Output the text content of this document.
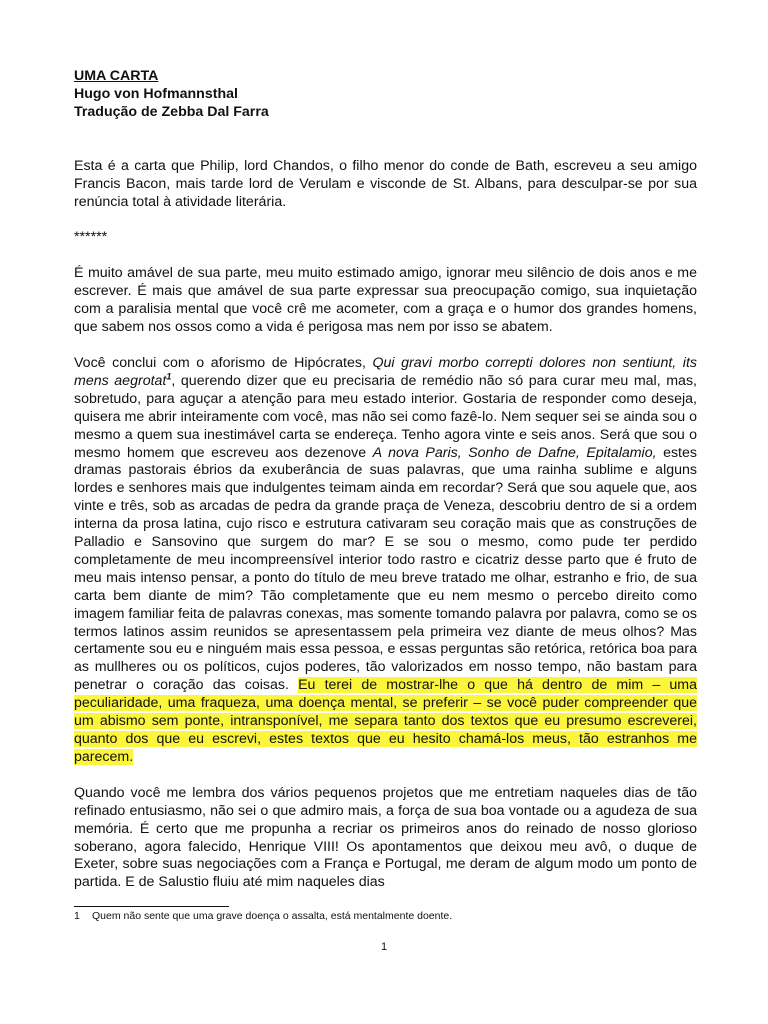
UMA CARTA
Hugo von Hofmannsthal
Tradução de Zebba Dal Farra

Esta é a carta que Philip, lord Chandos, o filho menor do conde de Bath, escreveu a seu amigo Francis Bacon, mais tarde lord de Verulam e visconde de St. Albans, para desculpar-se por sua renúncia total à atividade literária.

******

É muito amável de sua parte, meu muito estimado amigo, ignorar meu silêncio de dois anos e me escrever. É mais que amável de sua parte expressar sua preocupação comigo, sua inquietação com a paralisia mental que você crê me acometer, com a graça e o humor dos grandes homens, que sabem nos ossos como a vida é perigosa mas nem por isso se abatem.

Você conclui com o aforismo de Hipócrates, Qui gravi morbo correpti dolores non sentiunt, its mens aegrotat$^1$, querendo dizer que eu precisaria de remédio não só para curar meu mal, mas, sobretudo, para aguçar a atenção para meu estado interior. Gostaria de responder como deseja, quisera me abrir inteiramente com você, mas não sei como fazê-lo. Nem sequer sei se ainda sou o mesmo a quem sua inestimável carta se endereça. Tenho agora vinte e seis anos. Será que sou o mesmo homem que escreveu aos dezenove A nova Paris, Sonho de Dafne, Epitalamio, estes dramas pastorais ébrios da exuberância de suas palavras, que uma rainha sublime e alguns lordes e senhores mais que indulgentes teimam ainda em recordar? Será que sou aquele que, aos vinte e três, sob as arcadas de pedra da grande praça de Veneza, descobriu dentro de si a ordem interna da prosa latina, cujo risco e estrutura cativaram seu coração mais que as construções de Palladio e Sansovino que surgem do mar? E se sou o mesmo, como pude ter perdido completamente de meu incompreensível interior todo rastro e cicatriz desse parto que é fruto de meu mais intenso pensar, a ponto do título de meu breve tratado me olhar, estranho e frio, de sua carta bem diante de mim? Tão completamente que eu nem mesmo o percebo direito como imagem familiar feita de palavras conexas, mas somente tomando palavra por palavra, como se os termos latinos assim reunidos se apresentassem pela primeira vez diante de meus olhos? Mas certamente sou eu e ninguém mais essa pessoa, e essas perguntas são retórica, retórica boa para as mullheres ou os políticos, cujos poderes, tão valorizados em nosso tempo, não bastam para penetrar o coração das coisas. Eu terei de mostrar-lhe o que há dentro de mim – uma peculiaridade, uma fraqueza, uma doença mental, se preferir – se você puder compreender que um abismo sem ponte, intransponível, me separa tanto dos textos que eu presumo escreverei, quanto dos que eu escrevi, estes textos que eu hesito chamá-los meus, tão estranhos me parecem.

Quando você me lembra dos vários pequenos projetos que me entretiam naqueles dias de tão refinado entusiasmo, não sei o que admiro mais, a força de sua boa vontade ou a agudeza de sua memória. É certo que me propunha a recriar os primeiros anos do reinado de nosso glorioso soberano, agora falecido, Henrique VIII! Os apontamentos que deixou meu avô, o duque de Exeter, sobre suas negociações com a França e Portugal, me deram de algum modo um ponto de partida. E de Salustio fluiu até mim naqueles dias

1 Quem não sente que uma grave doença o assalta, está mentalmente doente.
1
